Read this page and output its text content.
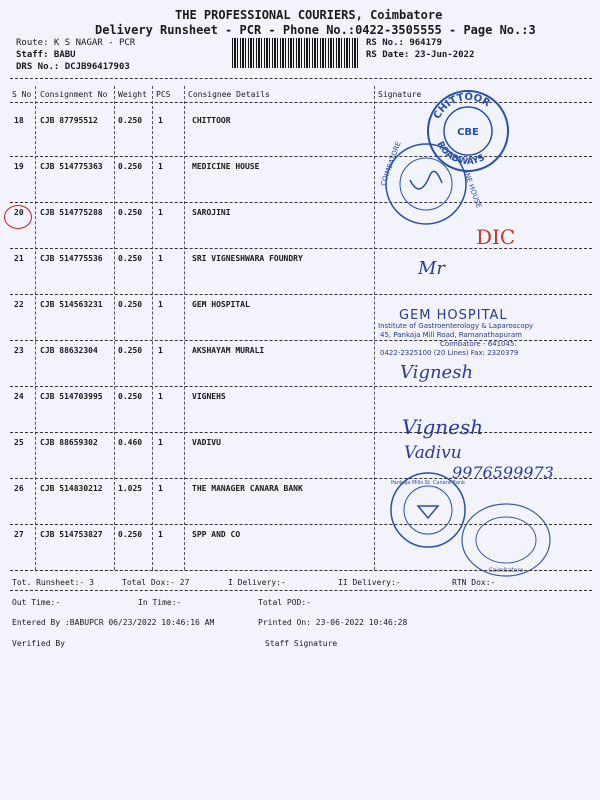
THE PROFESSIONAL COURIERS, Coimbatore
Delivery Runsheet - PCR - Phone No.:0422-3505555 - Page No.:3
Route: K S NAGAR - PCR
Staff: BABU
DRS No.: DCJB96417903
RS No.: 964179
RS Date: 23-Jun-2022
S No Consignment No Weight PCS Consignee Details	Signature
18 CJB 87795512	0.250 1	CHITTOOR
19 CJB 514775363 0.250 1	MEDICINE HOUSE
20 CJB 514775288 0.250 1	SAROJINI
21 CJB 514775536 0.250 1	SRI VIGNESHWARA FOUNDRY
22 CJB 514563231 0.250 1	GEM HOSPITAL
23 CJB 88632304	0.250 1	AKSHAYAM MURALI
24 CJB 514703995 0.250 1	VIGNEHS
25 CJB 88659302	0.460 1	VADIVU
26 CJB 514830212 1.025 1	THE MANAGER CANARA BANK
27 CJB 514753827 0.250 1	SPP AND CO
CHITTOOR
ROADWAYS
CBE
COIMBATORE
INE HOUSE
Pankaja Mills St. Canara Bank
Coimbatore
GEM HOSPITAL
Institute of Gastroenterology & Laparoscopy
45, Pankaja Mill Road, Ramanathapuram
Coimbatore - 641045.
0422-2325100 (20 Lines) Fax: 2320379
DIC
Mr
Vignesh
Vignesh
Vadivu
9976599973
Tot. Runsheet:- 3	Total Dox:- 27	I Delivery:-	II Delivery:-	RTN Dox:-
Out Time:-	In Time:-	Total POD:-
Entered By :BABUPCR 06/23/2022 10:46:16 AM	Printed On: 23-06-2022 10:46:28
Verified By	Staff Signature
